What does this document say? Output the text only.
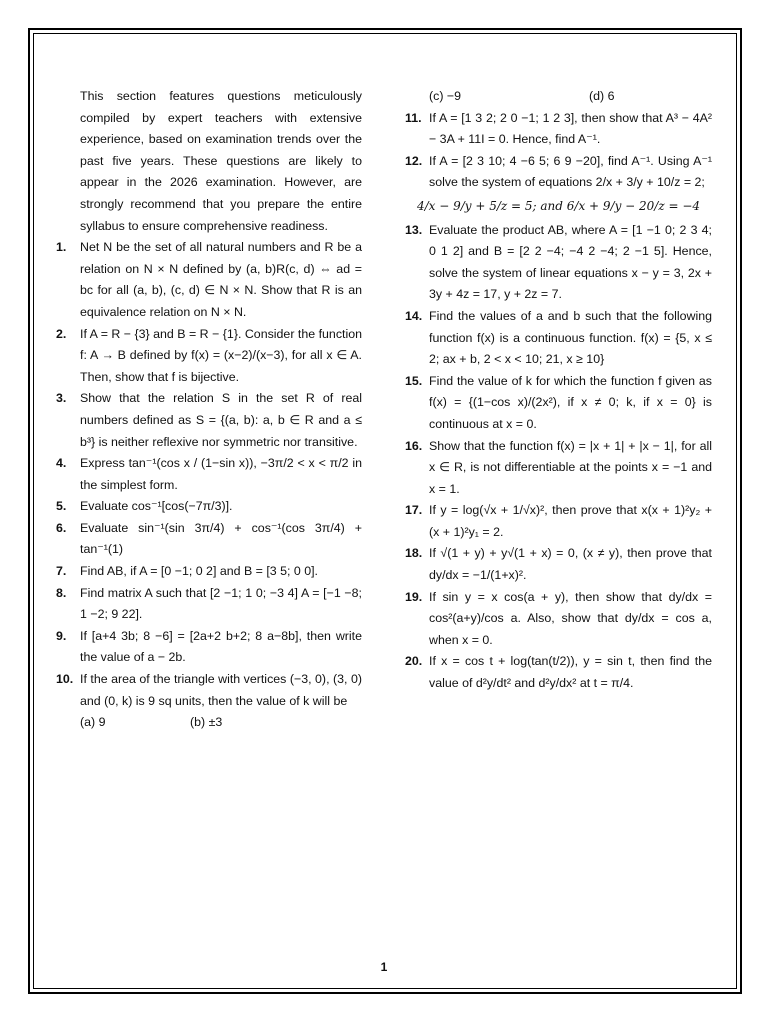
This section features questions meticulously compiled by expert teachers with extensive experience, based on examination trends over the past five years. These questions are likely to appear in the 2026 examination. However, are strongly recommend that you prepare the entire syllabus to ensure comprehensive readiness.
1. Net N be the set of all natural numbers and R be a relation on N × N defined by (a, b)R(c, d) ⇔ ad = bc for all (a, b), (c, d) ∈ N × N. Show that R is an equivalence relation on N × N.
2. If A = R − {3} and B = R − {1}. Consider the function f: A → B defined by f(x) = (x−2)/(x−3), for all x ∈ A. Then, show that f is bijective.
3. Show that the relation S in the set R of real numbers defined as S = {(a, b): a, b ∈ R and a ≤ b³} is neither reflexive nor symmetric nor transitive.
4. Express tan⁻¹(cos x / (1−sin x)), −3π/2 < x < π/2 in the simplest form.
5. Evaluate cos⁻¹[cos(−7π/3)].
6. Evaluate sin⁻¹(sin 3π/4) + cos⁻¹(cos 3π/4) + tan⁻¹(1)
7. Find AB, if A = [0 −1; 0 2] and B = [3 5; 0 0].
8. Find matrix A such that [2 −1; 1 0; −3 4] A = [−1 −8; 1 −2; 9 22].
9. If [a+4 3b; 8 −6] = [2a+2 b+2; 8 a−8b], then write the value of a − 2b.
10. If the area of the triangle with vertices (−3, 0), (3, 0) and (0, k) is 9 sq units, then the value of k will be
(a) 9	(b) ±3
(c) −9	(d) 6
11. If A = [1 3 2; 2 0 −1; 1 2 3], then show that A³ − 4A² − 3A + 11I = 0. Hence, find A⁻¹.
12. If A = [2 3 10; 4 −6 5; 6 9 −20], find A⁻¹. Using A⁻¹ solve the system of equations 2/x + 3/y + 10/z = 2;
4/x − 9/y + 5/z = 5; and 6/x + 9/y − 20/z = −4
13. Evaluate the product AB, where A = [1 −1 0; 2 3 4; 0 1 2] and B = [2 2 −4; −4 2 −4; 2 −1 5]. Hence, solve the system of linear equations x − y = 3, 2x + 3y + 4z = 17, y + 2z = 7.
14. Find the values of a and b such that the following function f(x) is a continuous function. f(x) = {5, x ≤ 2; ax + b, 2 < x < 10; 21, x ≥ 10}
15. Find the value of k for which the function f given as f(x) = {(1−cos x)/(2x²), if x ≠ 0; k, if x = 0} is continuous at x = 0.
16. Show that the function f(x) = |x + 1| + |x − 1|, for all x ∈ R, is not differentiable at the points x = −1 and x = 1.
17. If y = log(√x + 1/√x)², then prove that x(x + 1)²y₂ + (x + 1)²y₁ = 2.
18. If √(1 + y) + y√(1 + x) = 0, (x ≠ y), then prove that dy/dx = −1/(1+x)².
19. If sin y = x cos(a + y), then show that dy/dx = cos²(a+y)/cos a. Also, show that dy/dx = cos a, when x = 0.
20. If x = cos t + log(tan(t/2)), y = sin t, then find the value of d²y/dt² and d²y/dx² at t = π/4.
1
